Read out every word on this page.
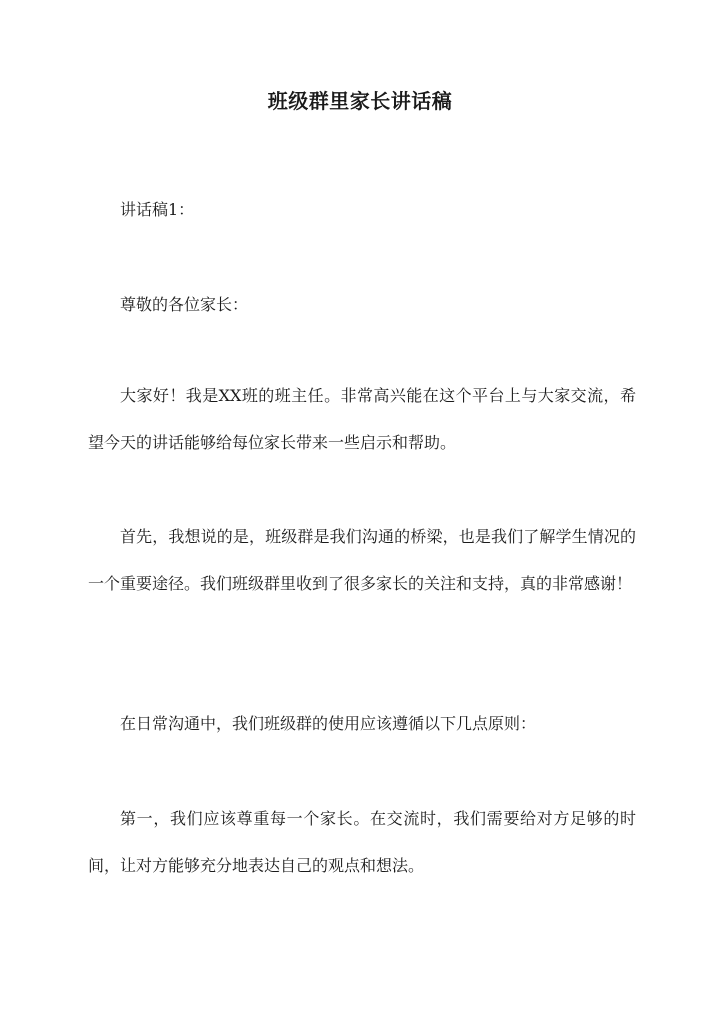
班级群里家长讲话稿

讲话稿1：

尊敬的各位家长：

大家好！我是XX班的班主任。非常高兴能在这个平台上与大家交流，希望今天的讲话能够给每位家长带来一些启示和帮助。

首先，我想说的是，班级群是我们沟通的桥梁，也是我们了解学生情况的一个重要途径。我们班级群里收到了很多家长的关注和支持，真的非常感谢！

在日常沟通中，我们班级群的使用应该遵循以下几点原则：

第一，我们应该尊重每一个家长。在交流时，我们需要给对方足够的时间，让对方能够充分地表达自己的观点和想法。
